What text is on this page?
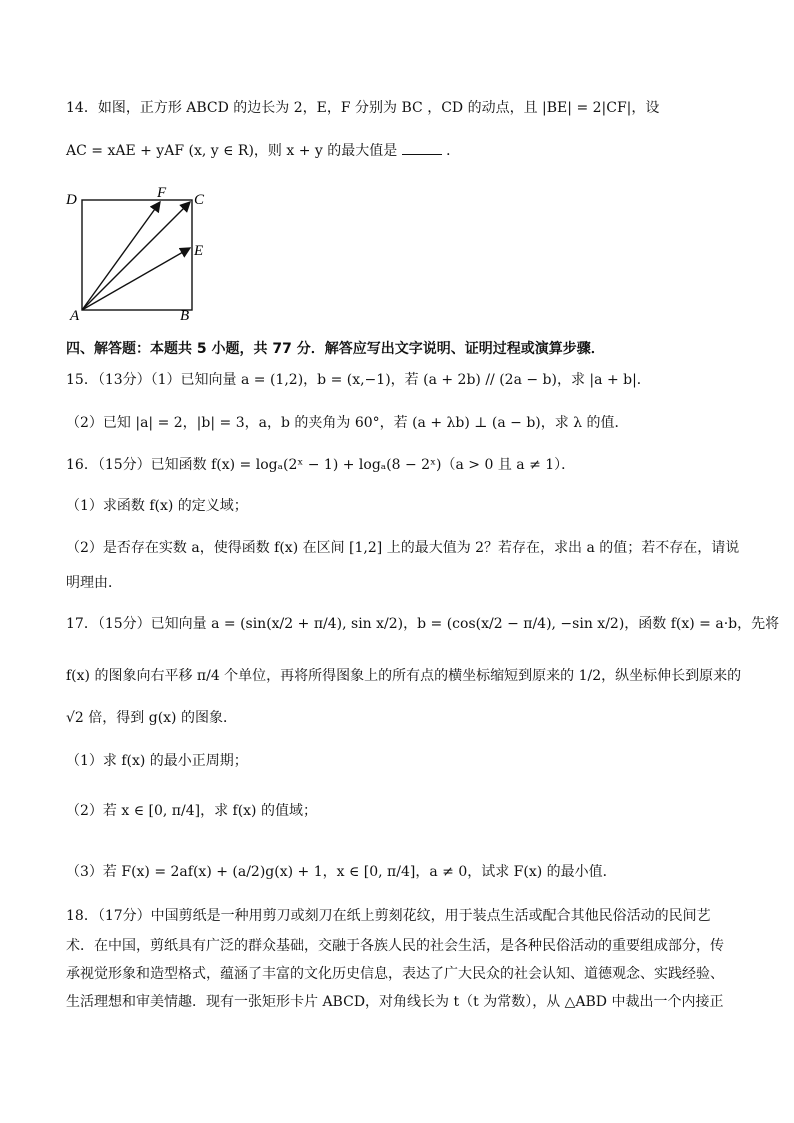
14．如图，正方形 ABCD 的边长为 2，E，F 分别为 BC ，CD 的动点，且 |BE| = 2|CF|，设
AC = xAE + yAF (x, y ∈ R)，则 x + y 的最大值是	．
D	F C
E
A	B
四、解答题：本题共 5 小题，共 77 分．解答应写出文字说明、证明过程或演算步骤．
15．（13分）（1）已知向量 a = (1,2)，b = (x,−1)，若 (a + 2b) // (2a − b)，求 |a + b|．
（2）已知 |a| = 2，|b| = 3，a，b 的夹角为 60°，若 (a + λb) ⊥ (a − b)，求 λ 的值．
16．（15分）已知函数 f(x) = logₐ(2ˣ − 1) + logₐ(8 − 2ˣ)（a > 0 且 a ≠ 1）．
（1）求函数 f(x) 的定义域；
（2）是否存在实数 a，使得函数 f(x) 在区间 [1,2] 上的最大值为 2？若存在，求出 a 的值；若不存在，请说
明理由．
17．（15分）已知向量 a = (sin(x/2 + π/4), sin x/2)，b = (cos(x/2 − π/4), −sin x/2)，函数 f(x) = a·b，先将
f(x) 的图象向右平移 π/4 个单位，再将所得图象上的所有点的横坐标缩短到原来的 1/2，纵坐标伸长到原来的
√2 倍，得到 g(x) 的图象．
（1）求 f(x) 的最小正周期；
（2）若 x ∈ [0, π/4]，求 f(x) 的值域；
（3）若 F(x) = 2af(x) + (a/2)g(x) + 1，x ∈ [0, π/4]，a ≠ 0，试求 F(x) 的最小值．
18．（17分）中国剪纸是一种用剪刀或刻刀在纸上剪刻花纹，用于装点生活或配合其他民俗活动的民间艺
术．在中国，剪纸具有广泛的群众基础，交融于各族人民的社会生活，是各种民俗活动的重要组成部分，传
承视觉形象和造型格式，蕴涵了丰富的文化历史信息，表达了广大民众的社会认知、道德观念、实践经验、
生活理想和审美情趣．现有一张矩形卡片 ABCD，对角线长为 t（t 为常数），从 △ABD 中裁出一个内接正
